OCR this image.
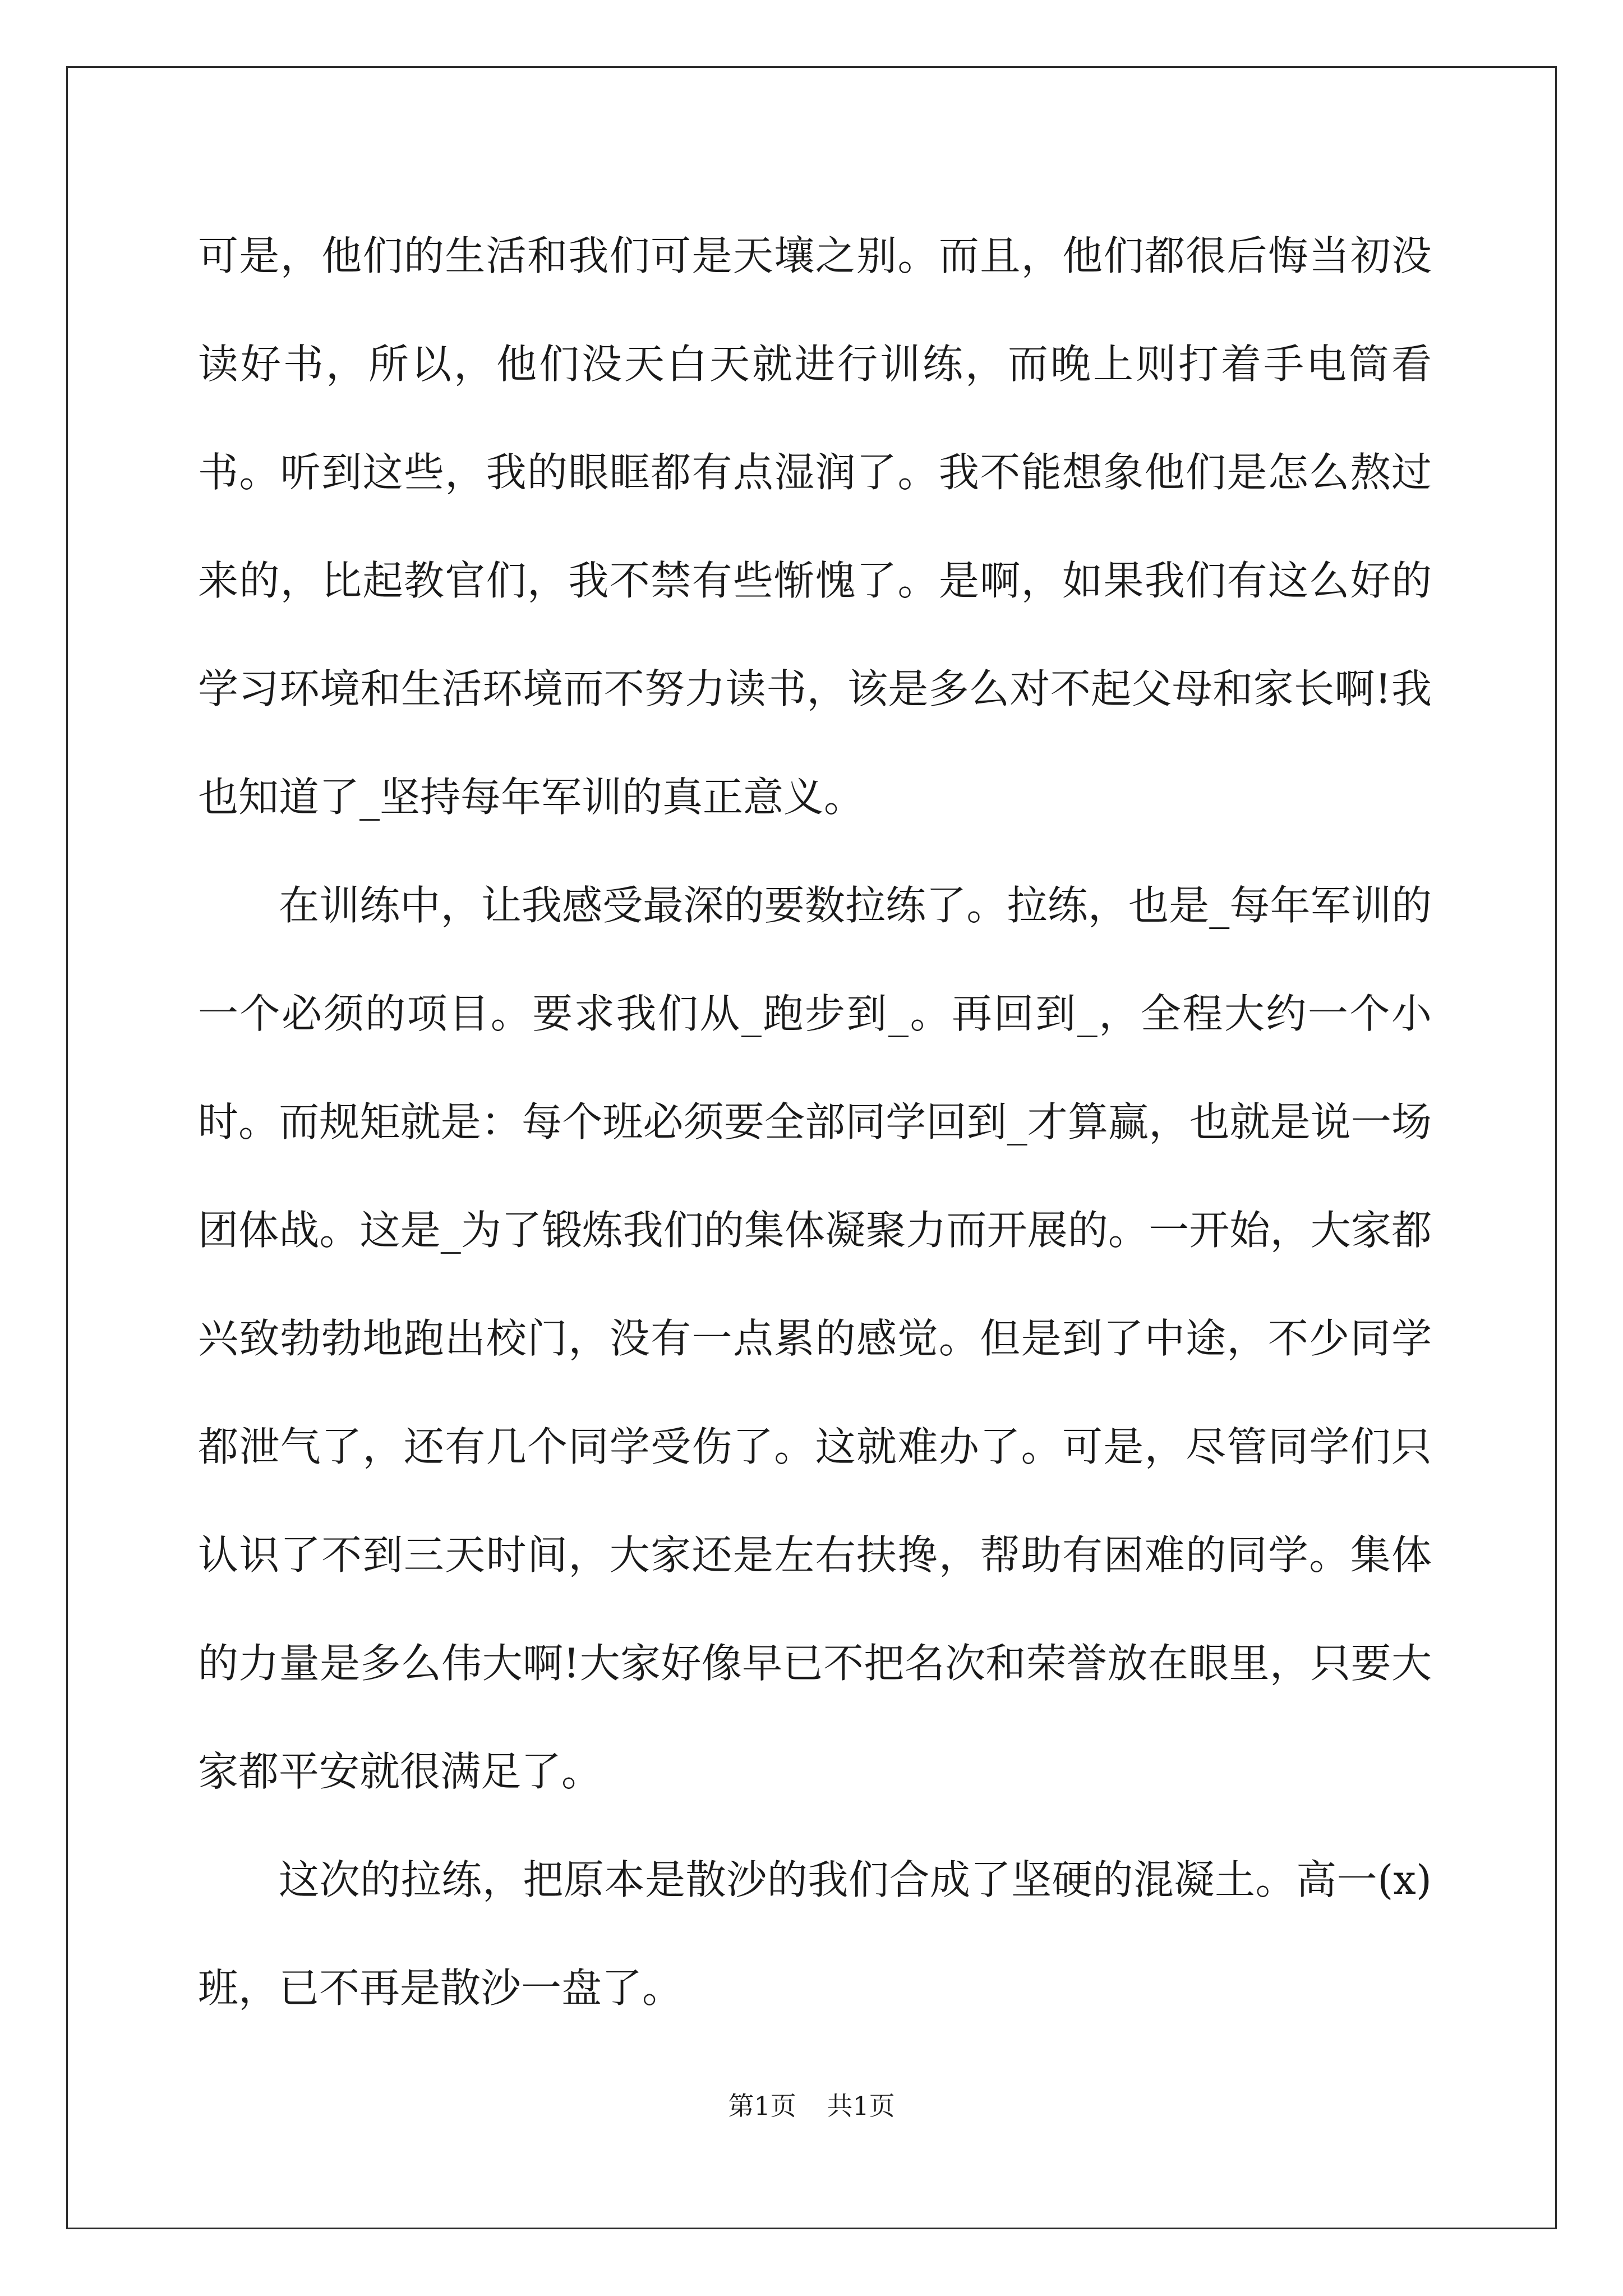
可是，他们的生活和我们可是天壤之别。而且，他们都很后悔当初没读好书，所以，他们没天白天就进行训练，而晚上则打着手电筒看书。听到这些，我的眼眶都有点湿润了。我不能想象他们是怎么熬过来的，比起教官们，我不禁有些惭愧了。是啊，如果我们有这么好的学习环境和生活环境而不努力读书，该是多么对不起父母和家长啊!我也知道了_坚持每年军训的真正意义。

在训练中，让我感受最深的要数拉练了。拉练，也是_每年军训的一个必须的项目。要求我们从_跑步到_。再回到_，全程大约一个小时。而规矩就是：每个班必须要全部同学回到_才算赢，也就是说一场团体战。这是_为了锻炼我们的集体凝聚力而开展的。一开始，大家都兴致勃勃地跑出校门，没有一点累的感觉。但是到了中途，不少同学都泄气了，还有几个同学受伤了。这就难办了。可是，尽管同学们只认识了不到三天时间，大家还是左右扶搀，帮助有困难的同学。集体的力量是多么伟大啊!大家好像早已不把名次和荣誉放在眼里，只要大家都平安就很满足了。

这次的拉练，把原本是散沙的我们合成了坚硬的混凝土。高一(x)班，已不再是散沙一盘了。

第1页 共1页
